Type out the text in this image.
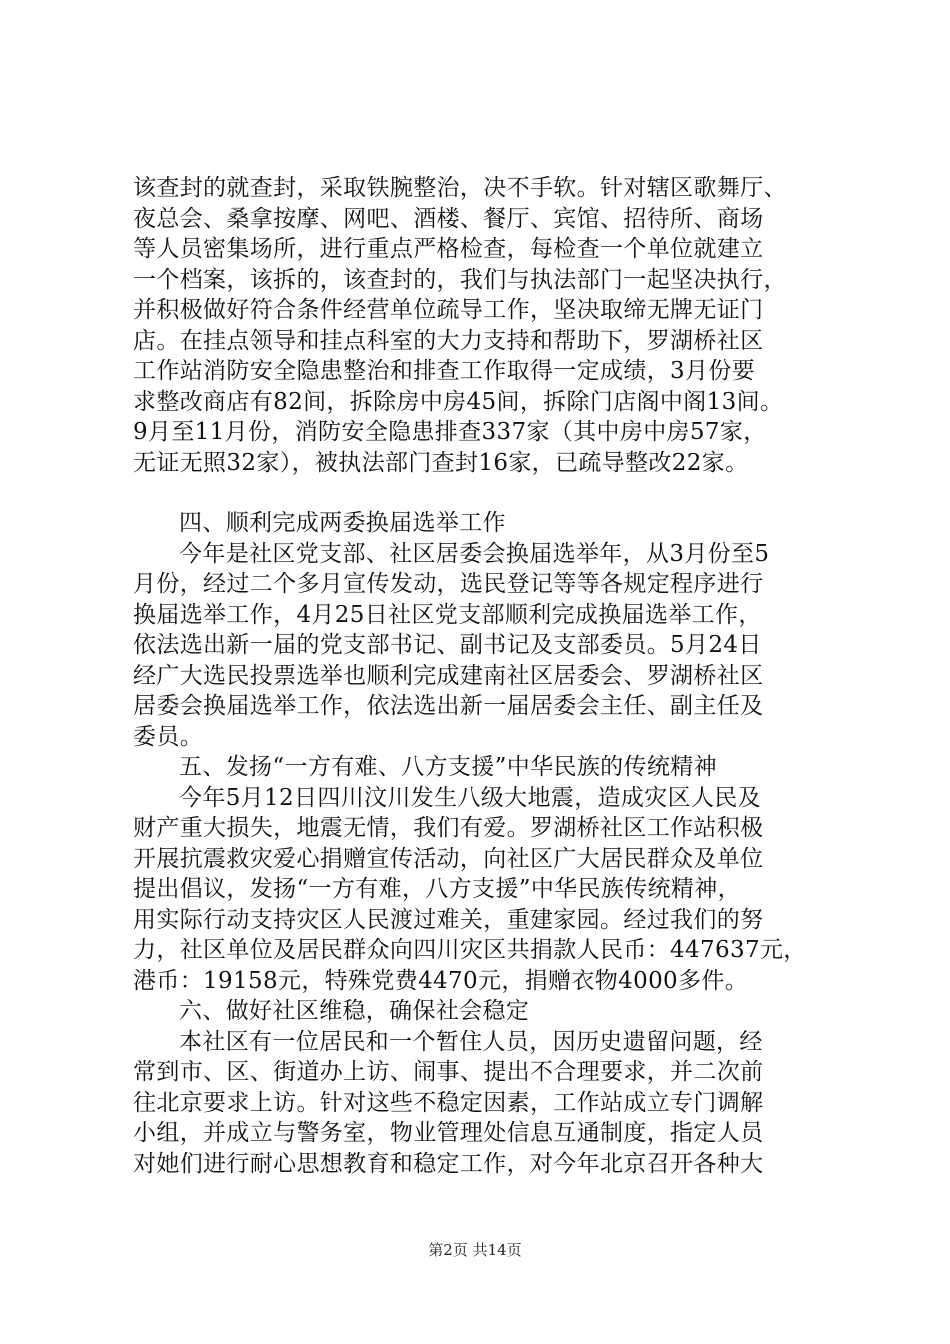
该查封的就查封，采取铁腕整治，决不手软。针对辖区歌舞厅、
夜总会、桑拿按摩、网吧、酒楼、餐厅、宾馆、招待所、商场
等人员密集场所，进行重点严格检查，每检查一个单位就建立
一个档案，该拆的，该查封的，我们与执法部门一起坚决执行，
并积极做好符合条件经营单位疏导工作，坚决取缔无牌无证门
店。在挂点领导和挂点科室的大力支持和帮助下，罗湖桥社区
工作站消防安全隐患整治和排查工作取得一定成绩，3月份要
求整改商店有82间，拆除房中房45间，拆除门店阁中阁13间。
9月至11月份，消防安全隐患排查337家（其中房中房57家，
无证无照32家），被执法部门查封16家，已疏导整改22家。
四、顺利完成两委换届选举工作
今年是社区党支部、社区居委会换届选举年，从3月份至5
月份，经过二个多月宣传发动，选民登记等等各规定程序进行
换届选举工作，4月25日社区党支部顺利完成换届选举工作，
依法选出新一届的党支部书记、副书记及支部委员。5月24日
经广大选民投票选举也顺利完成建南社区居委会、罗湖桥社区
居委会换届选举工作，依法选出新一届居委会主任、副主任及
委员。
五、发扬“一方有难、八方支援”中华民族的传统精神
今年5月12日四川汶川发生八级大地震，造成灾区人民及
财产重大损失，地震无情，我们有爱。罗湖桥社区工作站积极
开展抗震救灾爱心捐赠宣传活动，向社区广大居民群众及单位
提出倡议，发扬“一方有难，八方支援”中华民族传统精神，
用实际行动支持灾区人民渡过难关，重建家园。经过我们的努
力，社区单位及居民群众向四川灾区共捐款人民币：447637元，
港币：19158元，特殊党费4470元，捐赠衣物4000多件。
六、做好社区维稳，确保社会稳定
本社区有一位居民和一个暂住人员，因历史遗留问题，经
常到市、区、街道办上访、闹事、提出不合理要求，并二次前
往北京要求上访。针对这些不稳定因素，工作站成立专门调解
小组，并成立与警务室，物业管理处信息互通制度，指定人员
对她们进行耐心思想教育和稳定工作，对今年北京召开各种大
第2页 共14页
